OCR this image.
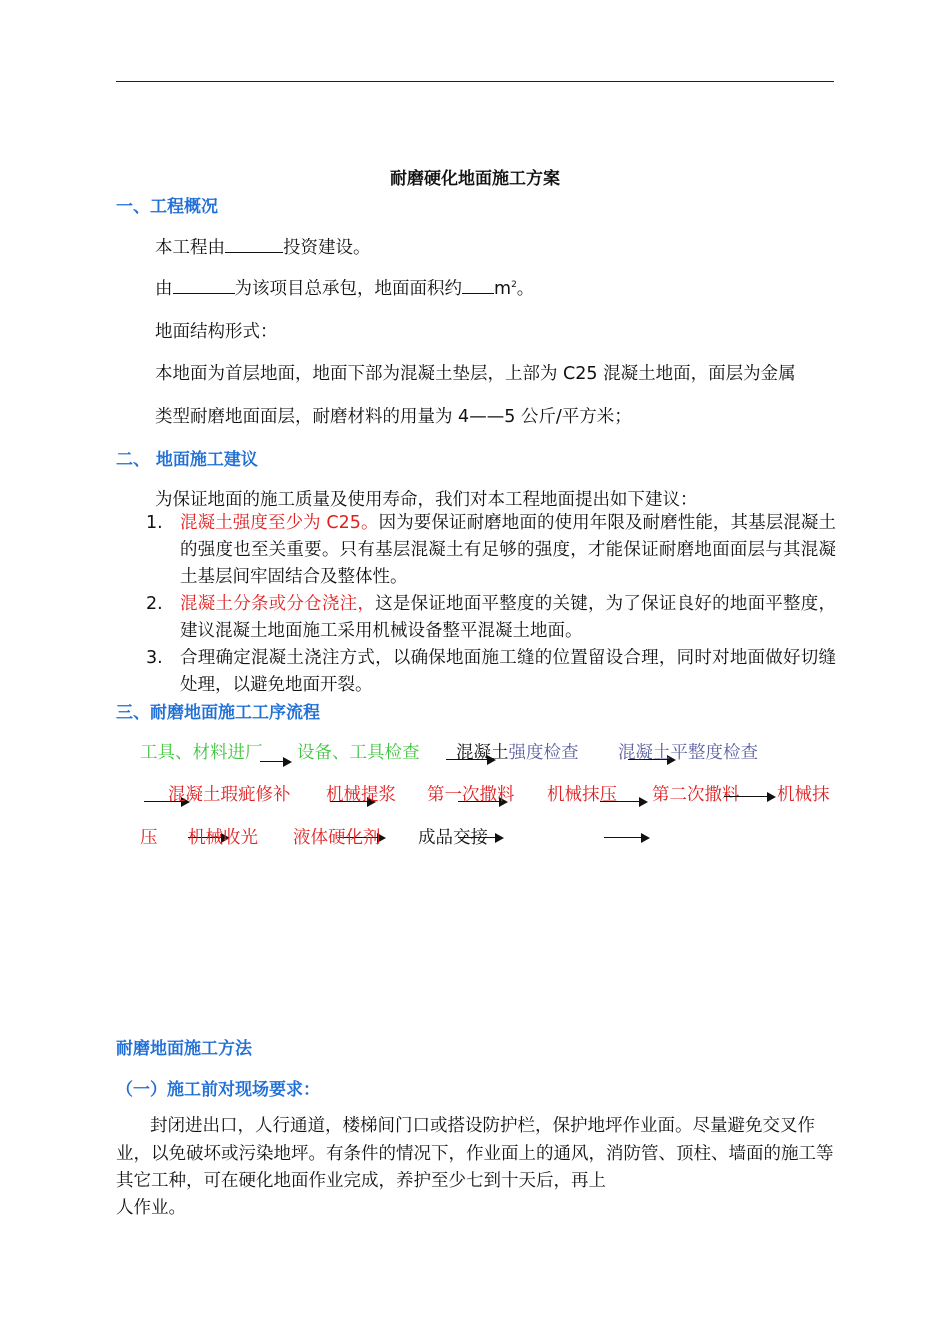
耐磨硬化地面施工方案
一、工程概况
本工程由	投资建设。
由	为该项目总承包，地面面积约 $m^2$。
地面结构形式：
本地面为首层地面，地面下部为混凝土垫层，上部为 C25 混凝土地面，面层为金属
类型耐磨地面面层，耐磨材料的用量为 4——5 公斤/平方米；
二、 地面施工建议
为保证地面的施工质量及使用寿命，我们对本工程地面提出如下建议：
1. 混凝土强度至少为 C25。因为要保证耐磨地面的使用年限及耐磨性能，其基层混凝土的强度也至关重要。只有基层混凝土有足够的强度，才能保证耐磨地面面层与其混凝土基层间牢固结合及整体性。
2. 混凝土分条或分仓浇注，这是保证地面平整度的关键，为了保证良好的地面平整度，建议混凝土地面施工采用机械设备整平混凝土地面。
3. 合理确定混凝土浇注方式，以确保地面施工缝的位置留设合理，同时对地面做好切缝处理，以避免地面开裂。
三、耐磨地面施工工序流程
工具、材料进厂 设备、工具检查 混凝土强度检查 混凝土平整度检查
混凝土瑕疵修补 机械提浆 第一次撒料 机械抹压 第二次撒料 机械抹
压 机械收光 液体硬化剂 成品交接
耐磨地面施工方法
（一）施工前对现场要求：
封闭进出口，人行通道，楼梯间门口或搭设防护栏，保护地坪作业面。尽量避免交叉作业，以免破坏或污染地坪。有条件的情况下，作业面上的通风，消防管、顶柱、墙面的施工等其它工种，可在硬化地面作业完成，养护至少七到十天后，再上
人作业。
